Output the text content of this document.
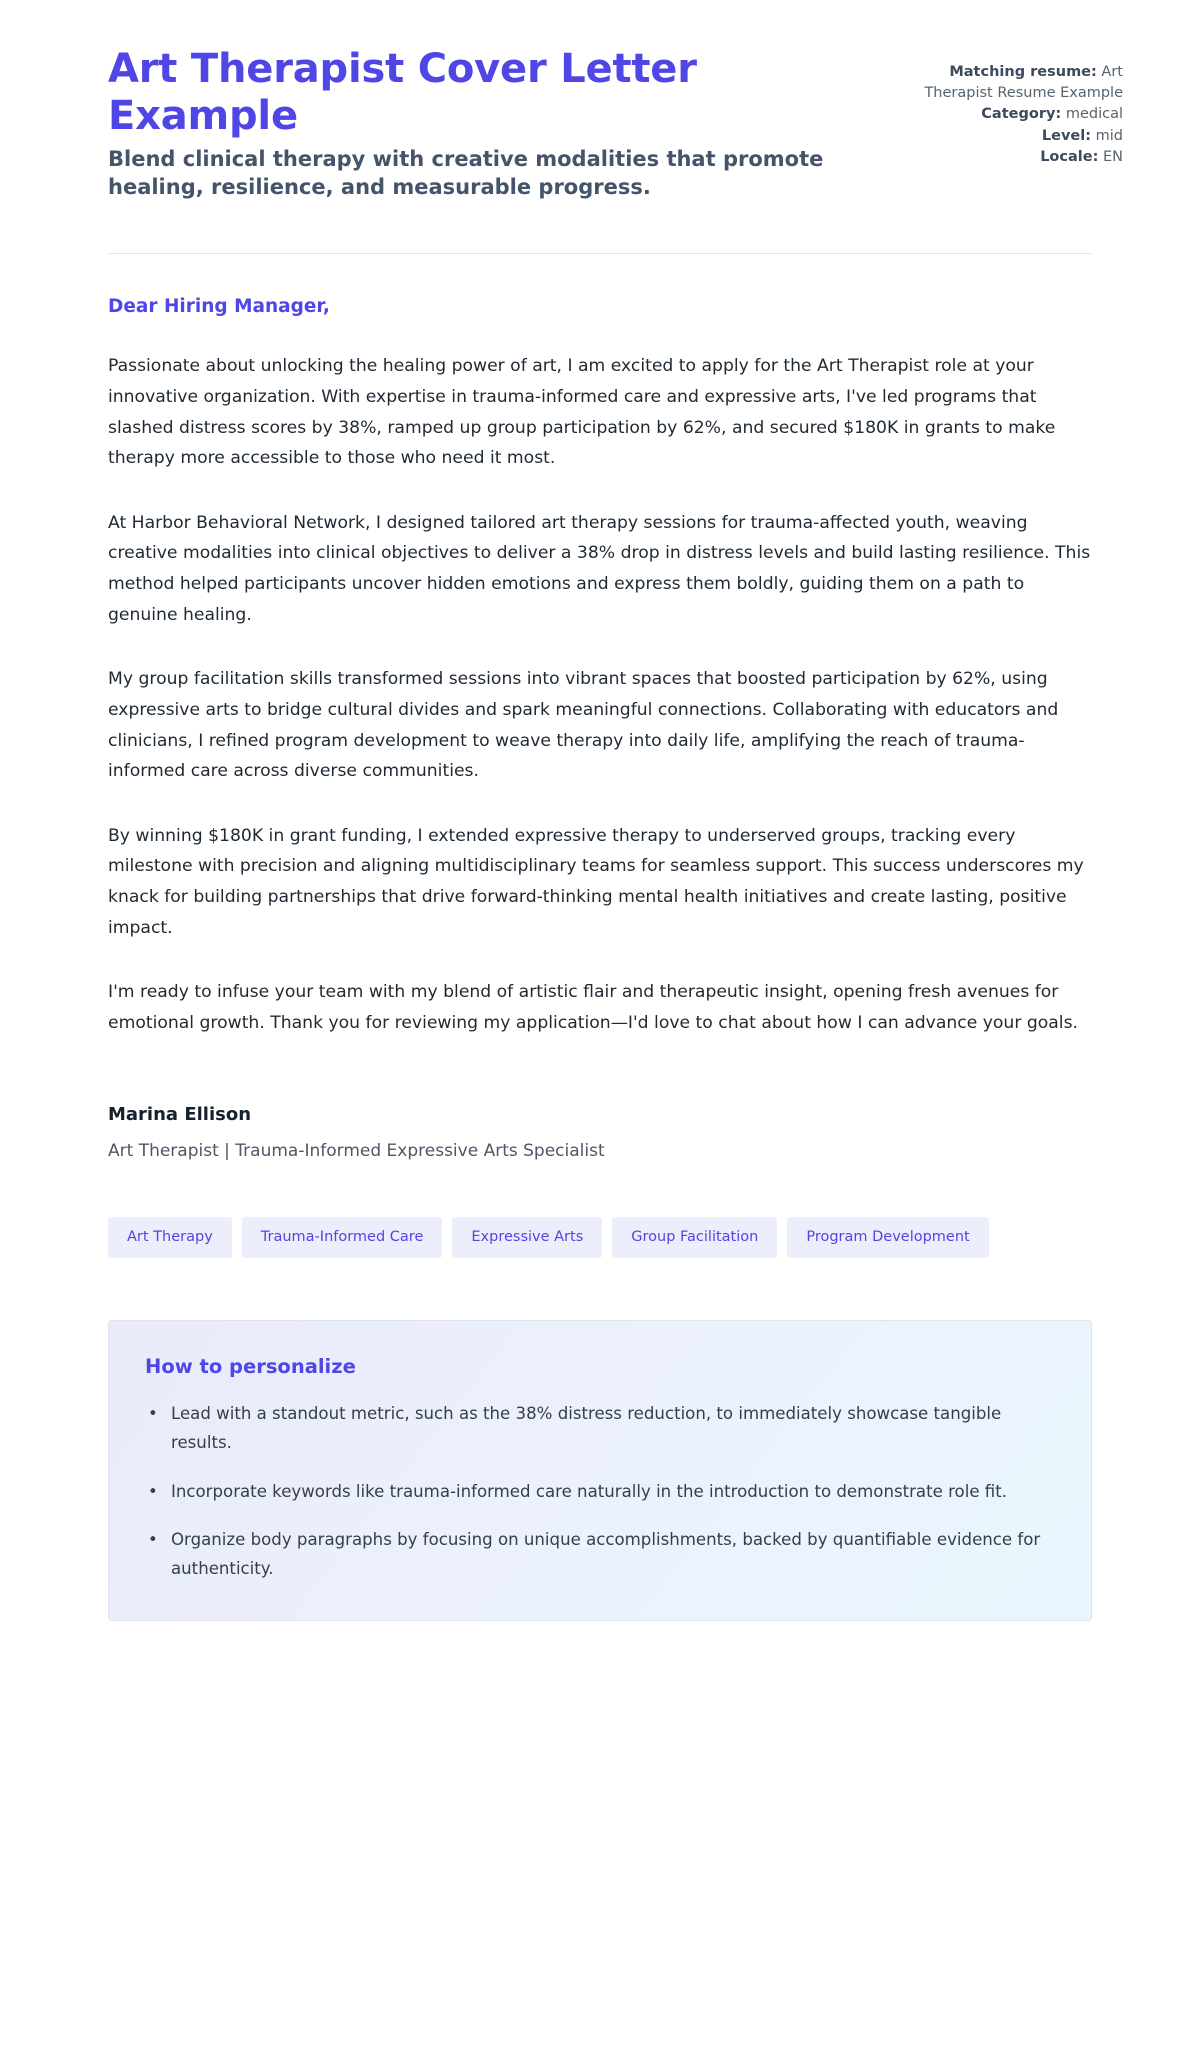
Art Therapist Cover Letter Example

Blend clinical therapy with creative modalities that promote healing, resilience, and measurable progress.

Matching resume: Art Therapist Resume Example
Category: medical
Level: mid
Locale: EN

Dear Hiring Manager,

Passionate about unlocking the healing power of art, I am excited to apply for the Art Therapist role at your innovative organization. With expertise in trauma-informed care and expressive arts, I've led programs that slashed distress scores by 38%, ramped up group participation by 62%, and secured $180K in grants to make therapy more accessible to those who need it most.

At Harbor Behavioral Network, I designed tailored art therapy sessions for trauma-affected youth, weaving creative modalities into clinical objectives to deliver a 38% drop in distress levels and build lasting resilience. This method helped participants uncover hidden emotions and express them boldly, guiding them on a path to genuine healing.

My group facilitation skills transformed sessions into vibrant spaces that boosted participation by 62%, using expressive arts to bridge cultural divides and spark meaningful connections. Collaborating with educators and clinicians, I refined program development to weave therapy into daily life, amplifying the reach of trauma-informed care across diverse communities.

By winning $180K in grant funding, I extended expressive therapy to underserved groups, tracking every milestone with precision and aligning multidisciplinary teams for seamless support. This success underscores my knack for building partnerships that drive forward-thinking mental health initiatives and create lasting, positive impact.

I'm ready to infuse your team with my blend of artistic flair and therapeutic insight, opening fresh avenues for emotional growth. Thank you for reviewing my application—I'd love to chat about how I can advance your goals.

Marina Ellison

Art Therapist | Trauma-Informed Expressive Arts Specialist

Art Therapy	Trauma-Informed Care	Expressive Arts	Group Facilitation	Program Development
How to personalize
• Lead with a standout metric, such as the 38% distress reduction, to immediately showcase tangible results.
• Incorporate keywords like trauma-informed care naturally in the introduction to demonstrate role fit.
• Organize body paragraphs by focusing on unique accomplishments, backed by quantifiable evidence for authenticity.
